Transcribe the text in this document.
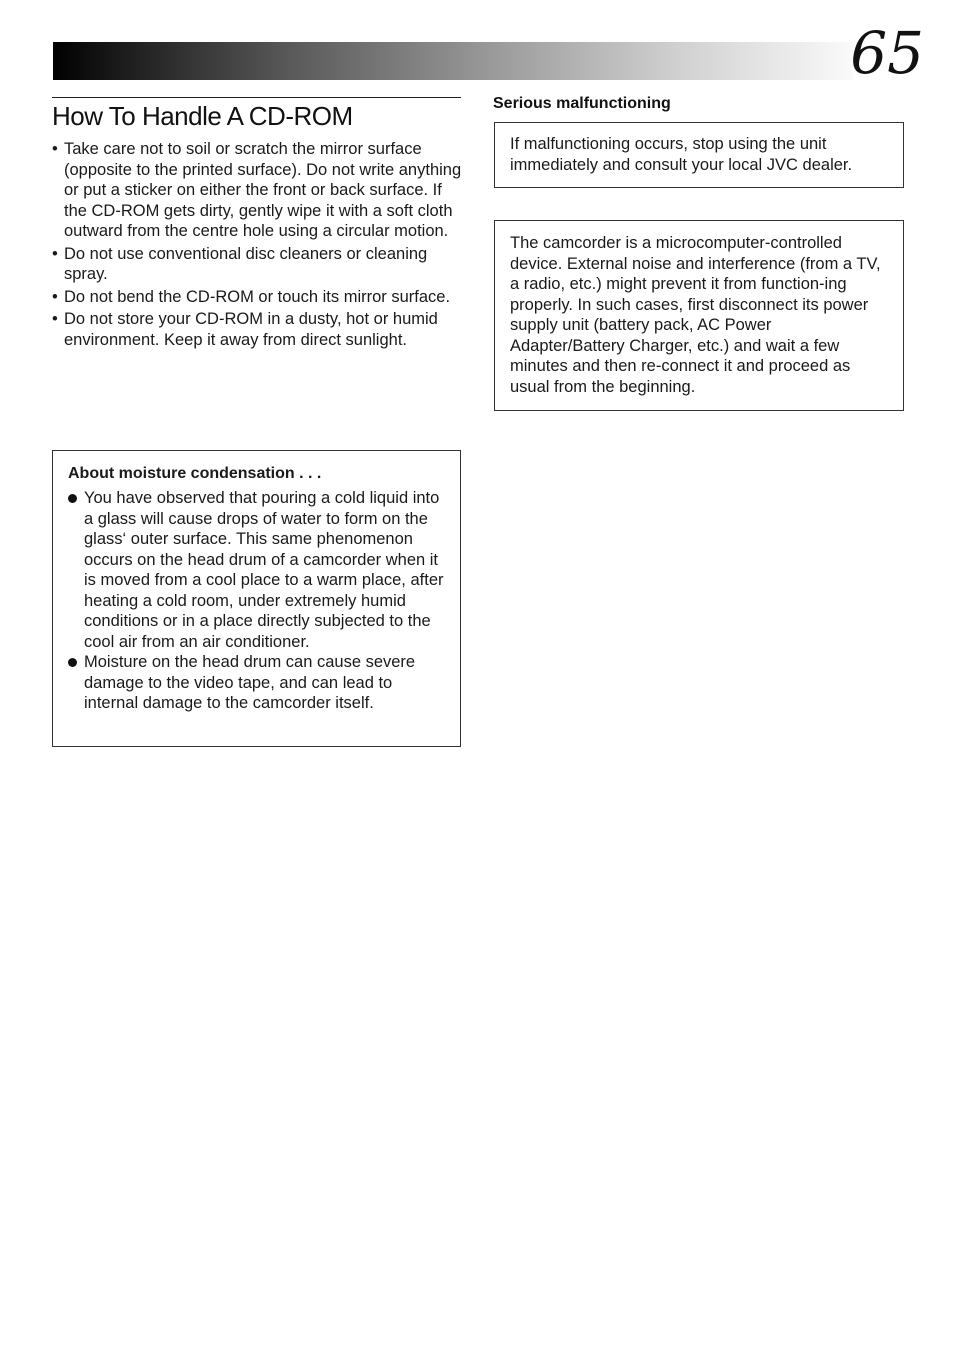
65
How To Handle A CD-ROM
• Take care not to soil or scratch the mirror surface (opposite to the printed surface). Do not write anything or put a sticker on either the front or back surface. If the CD-ROM gets dirty, gently wipe it with a soft cloth outward from the centre hole using a circular motion.
• Do not use conventional disc cleaners or cleaning spray.
• Do not bend the CD-ROM or touch its mirror surface.
• Do not store your CD-ROM in a dusty, hot or humid environment. Keep it away from direct sunlight.
About moisture condensation . . .
You have observed that pouring a cold liquid into a glass will cause drops of water to form on the glass‘ outer surface. This same phenomenon occurs on the head drum of a camcorder when it is moved from a cool place to a warm place, after heating a cold room, under extremely humid conditions or in a place directly subjected to the cool air from an air conditioner.
Moisture on the head drum can cause severe damage to the video tape, and can lead to internal damage to the camcorder itself.
Serious malfunctioning
If malfunctioning occurs, stop using the unit immediately and consult your local JVC dealer.
The camcorder is a microcomputer-controlled device. External noise and interference (from a TV, a radio, etc.) might prevent it from function-ing properly. In such cases, first disconnect its power supply unit (battery pack, AC Power Adapter/Battery Charger, etc.) and wait a few minutes and then re-connect it and proceed as usual from the beginning.
